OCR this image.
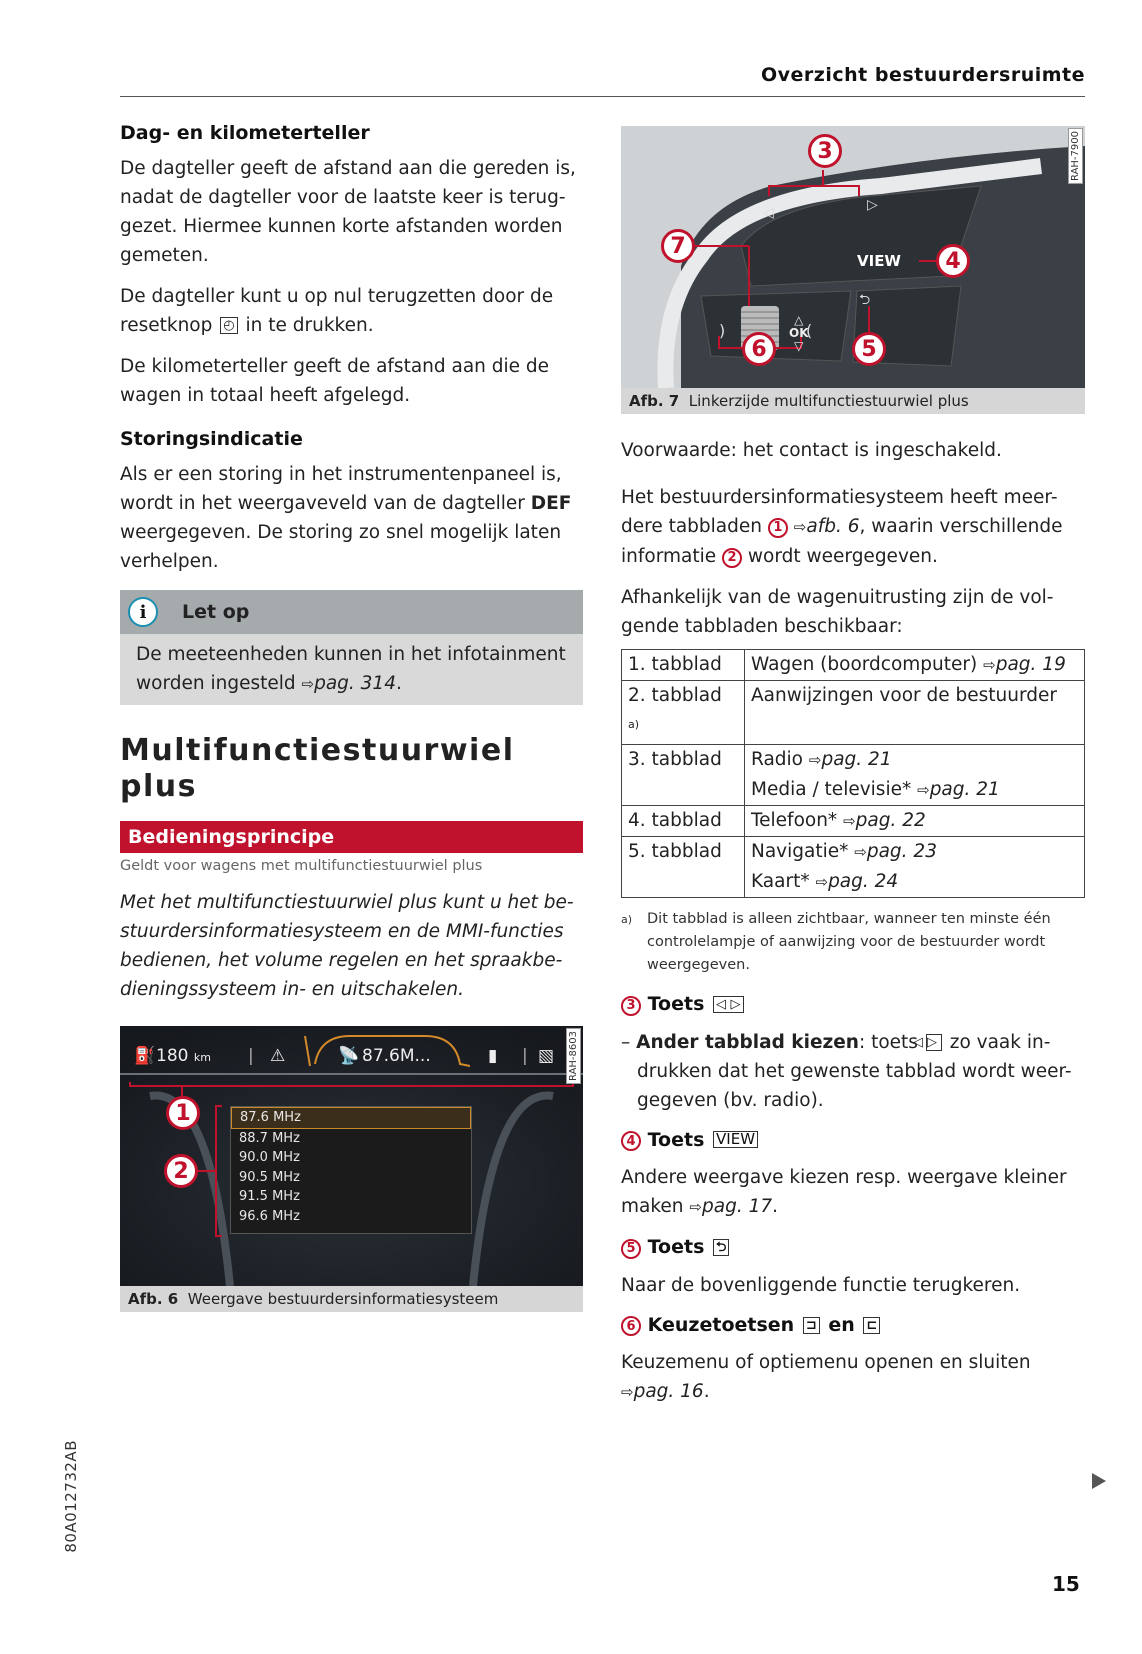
Overzicht bestuurdersruimte
Dag- en kilometerteller

De dagteller geeft de afstand aan die gereden is, nadat de dagteller voor de laatste keer is terug-gezet. Hiermee kunnen korte afstanden worden gemeten.

De dagteller kunt u op nul terugzetten door de resetknop ◴ in te drukken.

De kilometerteller geeft de afstand aan die de wagen in totaal heeft afgelegd.

Storingsindicatie

Als er een storing in het instrumentenpaneel is, wordt in het weergaveveld van de dagteller DEF weergegeven. De storing zo snel mogelijk laten verhelpen.

i	Let op
De meeteenheden kunnen in het infotainment worden ingesteld ⇨pag. 314.
Multifunctiestuurwiel
plus
Bedieningsprincipe
Geldt voor wagens met multifunctiestuurwiel plus
Met het multifunctiestuurwiel plus kunt u het be-stuurdersinformatiesysteem en de MMI-functies bedienen, het volume regelen en het spraakbe-dieningssysteem in- en uitschakelen.
⛽ 180 km | ⚠	📡 87.6M...	▮ | ▧
1
2
87.6 MHz
88.7 MHz
90.0 MHz
90.5 MHz
91.5 MHz
96.6 MHz
RAH-8603
Afb. 6 Weergave bestuurdersinformatiesysteem
◁	▷
)	(
⮌
△
OK
▽
VIEW
3
4
5
6
7
RAH-7900
Afb. 7 Linkerzijde multifunctiestuurwiel plus

Voorwaarde: het contact is ingeschakeld.

Het bestuurdersinformatiesysteem heeft meer-dere tabbladen 1 ⇨afb. 6, waarin verschillende informatie 2 wordt weergegeven.

Afhankelijk van de wagenuitrusting zijn de vol-gende tabbladen beschikbaar:

1. tabblad	Wagen (boordcomputer) ⇨pag. 19
2. tabblad $^{a)}$	Aanwijzingen voor de bestuurder
3. tabblad	Radio ⇨pag. 21
Media / televisie* ⇨pag. 21

4. tabblad	Telefoon* ⇨pag. 22
5. tabblad	Navigatie* ⇨pag. 23
Kaart* ⇨pag. 24
a)	Dit tabblad is alleen zichtbaar, wanneer ten minste één controlelampje of aanwijzing voor de bestuurder wordt weergegeven.
3 Toets ◁ ▷
– Ander tabblad kiezen: toets ◁ ▷ zo vaak in-drukken dat het gewenste tabblad wordt weer-gegeven (bv. radio).
4 Toets VIEW

Andere weergave kiezen resp. weergave kleiner maken ⇨pag. 17.

5 Toets ⮌

Naar de bovenliggende functie terugkeren.

6 Keuzetoetsen ⊐ en ⊏

Keuzemenu of optiemenu openen en sluiten ⇨pag. 16.

80A012732AB
15
